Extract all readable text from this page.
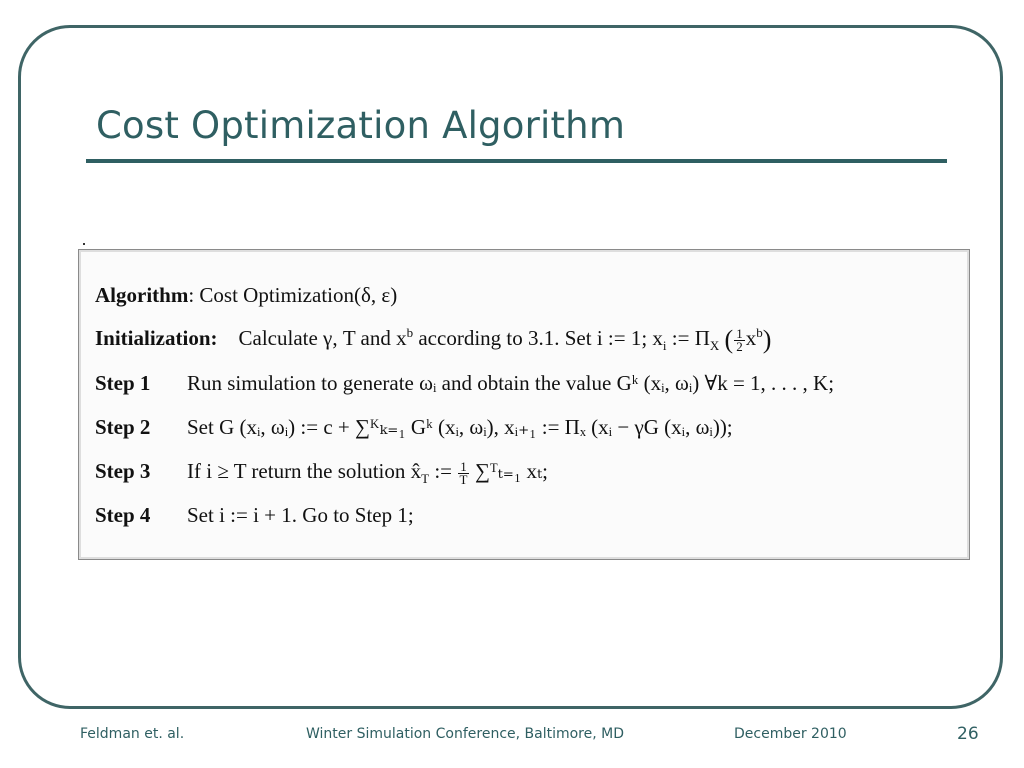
Cost Optimization Algorithm
Algorithm: Cost Optimization(δ, ε)
Initialization: Calculate γ, T and $x^b$ according to 3.1. Set i := 1; $x_i$ := $\Pi_X$ ( $\frac{1}{2} x^b$)
Step 1 Run simulation to generate ωᵢ and obtain the value Gᵏ (xᵢ, ωᵢ) ∀k = 1, . . . , K;
Step 2 Set G (xᵢ, ωᵢ) := c + ∑ᴷₖ₌₁ Gᵏ (xᵢ, ωᵢ), xᵢ₊₁ := Πₓ (xᵢ − γG (xᵢ, ωᵢ));
Step 3 If i ≥ T return the solution $x̂_T$ := $\frac{1}{T}$ ∑ᵀₜ₌₁ xₜ;
Step 4 Set i := i + 1. Go to Step 1;
Feldman et. al.	Winter Simulation Conference, Baltimore, MD	December 2010	26
